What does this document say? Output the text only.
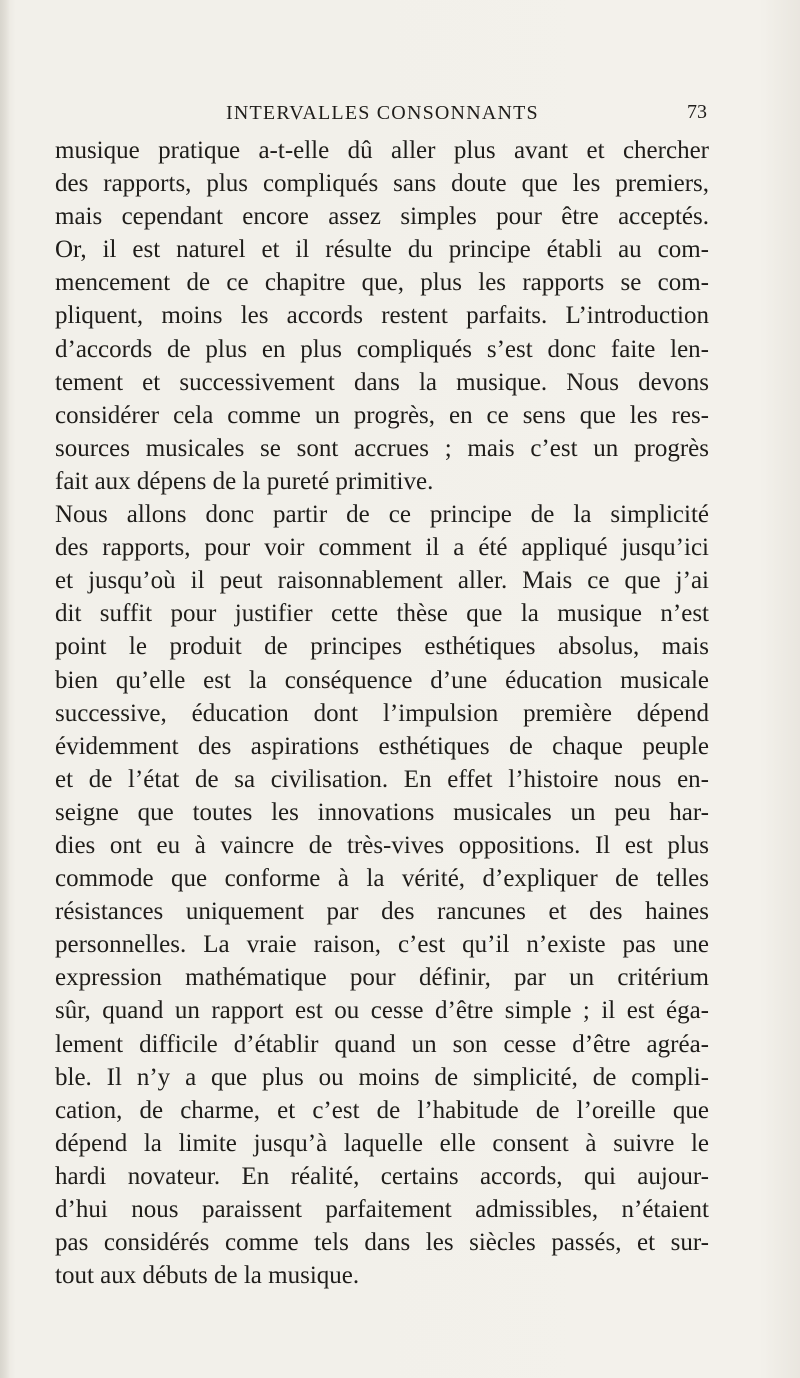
INTERVALLES CONSONNANTS	73
musique pratique a-t-elle dû aller plus avant et chercher
des rapports, plus compliqués sans doute que les premiers,
mais cependant encore assez simples pour être acceptés.
Or, il est naturel et il résulte du principe établi au com-
mencement de ce chapitre que, plus les rapports se com-
pliquent, moins les accords restent parfaits. L’introduction
d’accords de plus en plus compliqués s’est donc faite len-
tement et successivement dans la musique. Nous devons
considérer cela comme un progrès, en ce sens que les res-
sources musicales se sont accrues ; mais c’est un progrès
fait aux dépens de la pureté primitive.
Nous allons donc partir de ce principe de la simplicité
des rapports, pour voir comment il a été appliqué jusqu’ici
et jusqu’où il peut raisonnablement aller. Mais ce que j’ai
dit suffit pour justifier cette thèse que la musique n’est
point le produit de principes esthétiques absolus, mais
bien qu’elle est la conséquence d’une éducation musicale
successive, éducation dont l’impulsion première dépend
évidemment des aspirations esthétiques de chaque peuple
et de l’état de sa civilisation. En effet l’histoire nous en-
seigne que toutes les innovations musicales un peu har-
dies ont eu à vaincre de très-vives oppositions. Il est plus
commode que conforme à la vérité, d’expliquer de telles
résistances uniquement par des rancunes et des haines
personnelles. La vraie raison, c’est qu’il n’existe pas une
expression mathématique pour définir, par un critérium
sûr, quand un rapport est ou cesse d’être simple ; il est éga-
lement difficile d’établir quand un son cesse d’être agréa-
ble. Il n’y a que plus ou moins de simplicité, de compli-
cation, de charme, et c’est de l’habitude de l’oreille que
dépend la limite jusqu’à laquelle elle consent à suivre le
hardi novateur. En réalité, certains accords, qui aujour-
d’hui nous paraissent parfaitement admissibles, n’étaient
pas considérés comme tels dans les siècles passés, et sur-
tout aux débuts de la musique.
